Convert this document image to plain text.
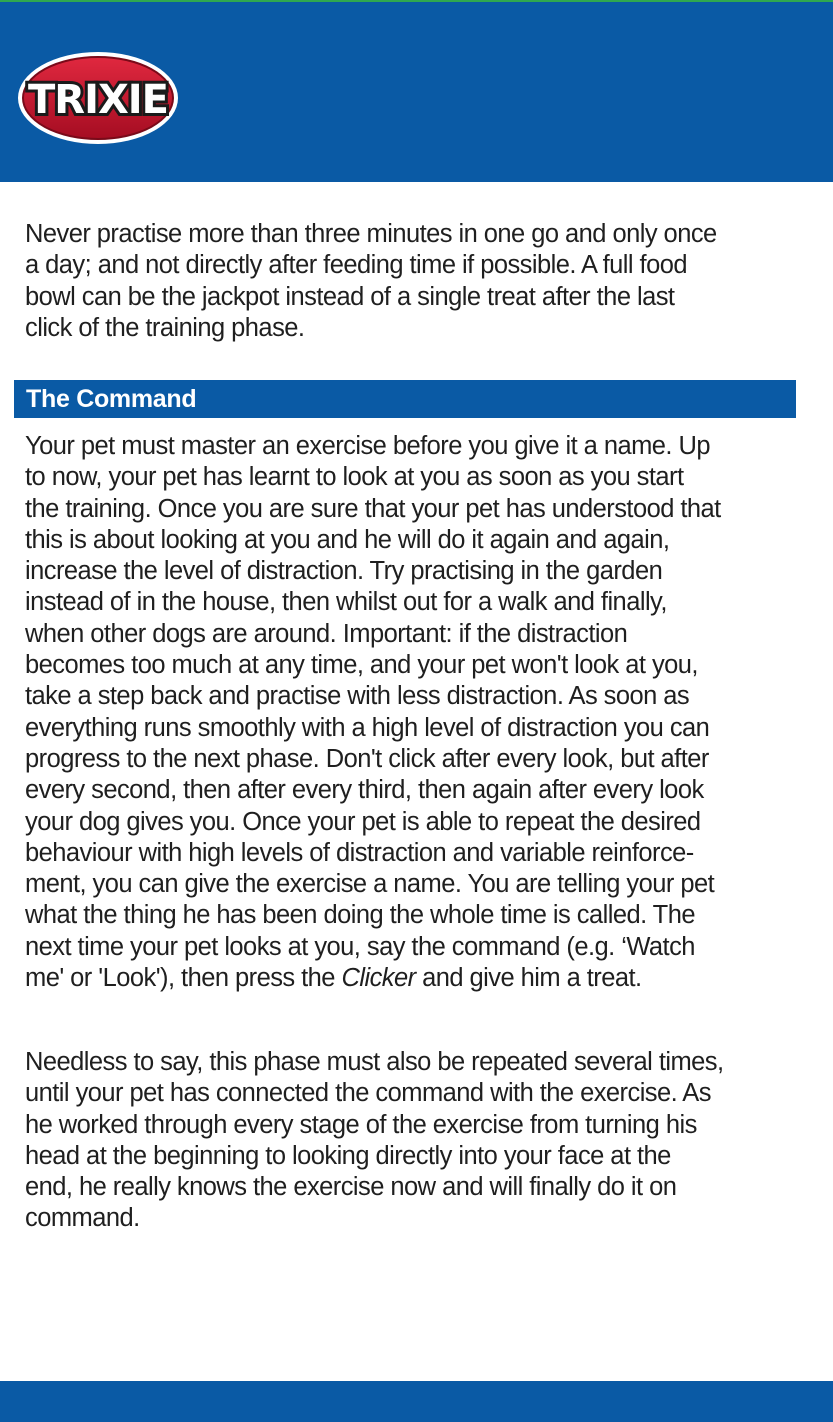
TRIXIE

Never practise more than three minutes in one go and only once
a day; and not directly after feeding time if possible. A full food
bowl can be the jackpot instead of a single treat after the last
click of the training phase.

The Command

Your pet must master an exercise before you give it a name. Up
to now, your pet has learnt to look at you as soon as you start
the training. Once you are sure that your pet has understood that
this is about looking at you and he will do it again and again,
increase the level of distraction. Try practising in the garden
instead of in the house, then whilst out for a walk and finally,
when other dogs are around. Important: if the distraction
becomes too much at any time, and your pet won't look at you,
take a step back and practise with less distraction. As soon as
everything runs smoothly with a high level of distraction you can
progress to the next phase. Don't click after every look, but after
every second, then after every third, then again after every look
your dog gives you. Once your pet is able to repeat the desired
behaviour with high levels of distraction and variable reinforce-
ment, you can give the exercise a name. You are telling your pet
what the thing he has been doing the whole time is called. The
next time your pet looks at you, say the command (e.g. ‘Watch
me' or 'Look'), then press the Clicker and give him a treat.

Needless to say, this phase must also be repeated several times,
until your pet has connected the command with the exercise. As
he worked through every stage of the exercise from turning his
head at the beginning to looking directly into your face at the
end, he really knows the exercise now and will finally do it on
command.
